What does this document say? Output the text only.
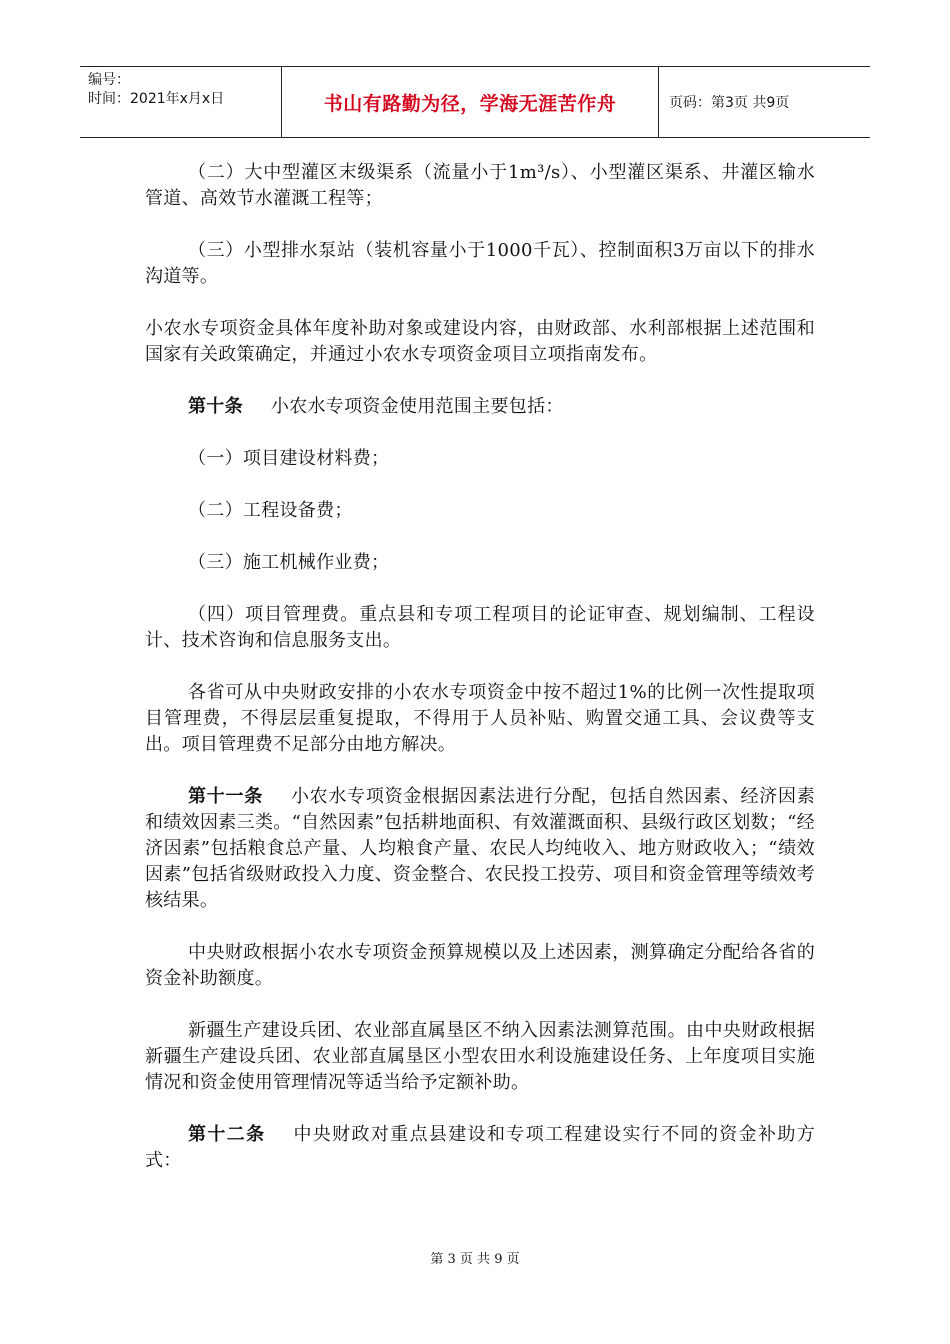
编号：
时间：2021年x月x日	书山有路勤为径，学海无涯苦作舟	页码：第3页 共9页

（二）大中型灌区末级渠系（流量小于1m³/s）、小型灌区渠系、井灌区输水管道、高效节水灌溉工程等；

（三）小型排水泵站（装机容量小于1000千瓦）、控制面积3万亩以下的排水沟道等。

小农水专项资金具体年度补助对象或建设内容，由财政部、水利部根据上述范围和国家有关政策确定，并通过小农水专项资金项目立项指南发布。

第十条 小农水专项资金使用范围主要包括：

（一）项目建设材料费；

（二）工程设备费；

（三）施工机械作业费；

（四）项目管理费。重点县和专项工程项目的论证审查、规划编制、工程设计、技术咨询和信息服务支出。

各省可从中央财政安排的小农水专项资金中按不超过1%的比例一次性提取项目管理费，不得层层重复提取，不得用于人员补贴、购置交通工具、会议费等支出。项目管理费不足部分由地方解决。

第十一条 小农水专项资金根据因素法进行分配，包括自然因素、经济因素和绩效因素三类。“自然因素”包括耕地面积、有效灌溉面积、县级行政区划数；“经济因素”包括粮食总产量、人均粮食产量、农民人均纯收入、地方财政收入；“绩效因素”包括省级财政投入力度、资金整合、农民投工投劳、项目和资金管理等绩效考核结果。

中央财政根据小农水专项资金预算规模以及上述因素，测算确定分配给各省的资金补助额度。

新疆生产建设兵团、农业部直属垦区不纳入因素法测算范围。由中央财政根据新疆生产建设兵团、农业部直属垦区小型农田水利设施建设任务、上年度项目实施情况和资金使用管理情况等适当给予定额补助。

第十二条 中央财政对重点县建设和专项工程建设实行不同的资金补助方式：

第 3 页 共 9 页
